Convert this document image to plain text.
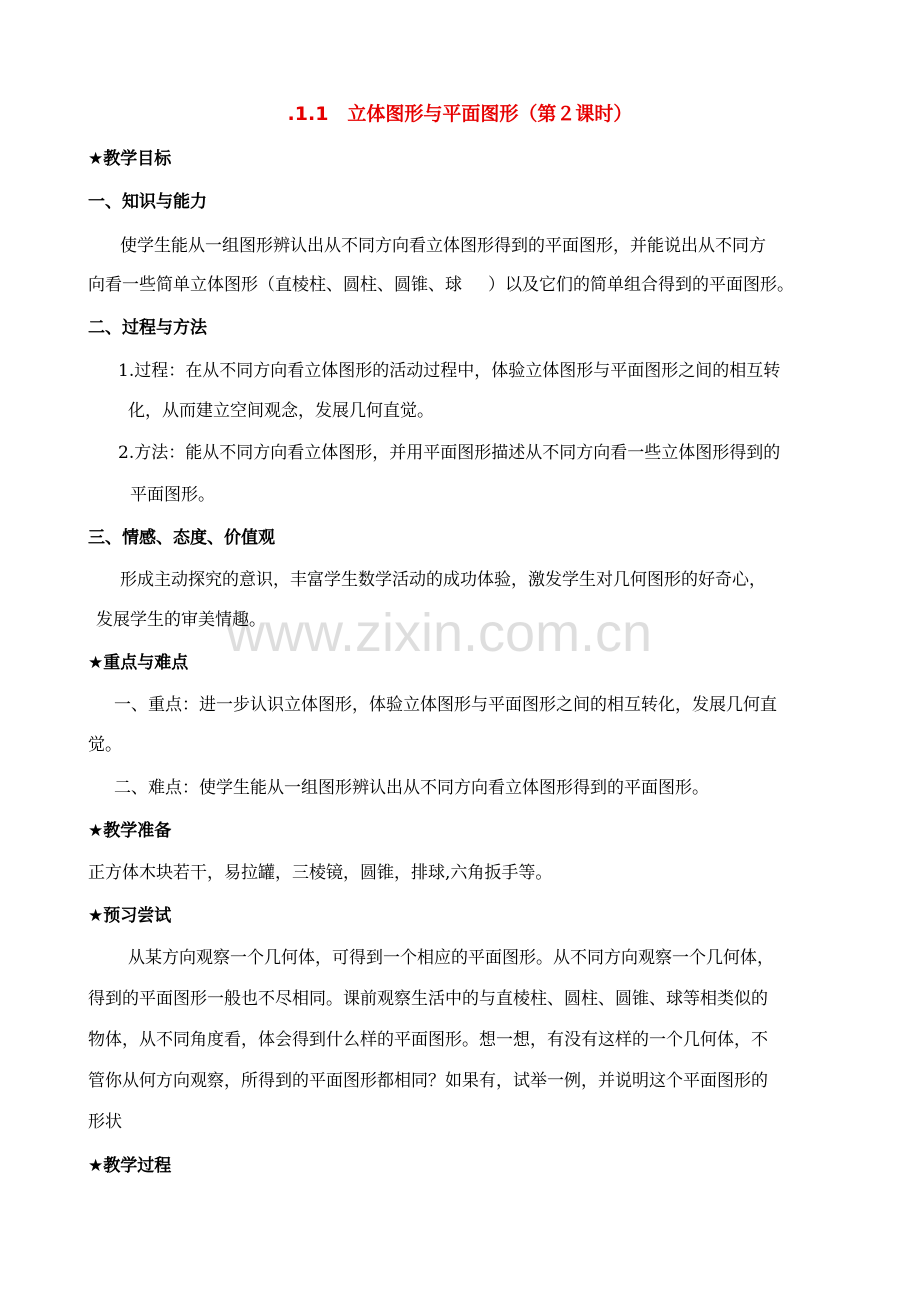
www.zixin.com.cn
.1.1　立体图形与平面图形（第２课时）
★教学目标
一、知识与能力
使学生能从一组图形辨认出从不同方向看立体图形得到的平面图形，并能说出从不同方
向看一些简单立体图形（直棱柱、圆柱、圆锥、球 ）以及它们的简单组合得到的平面图形。
二、过程与方法
1.过程：在从不同方向看立体图形的活动过程中，体验立体图形与平面图形之间的相互转
化，从而建立空间观念，发展几何直觉。
2.方法：能从不同方向看立体图形，并用平面图形描述从不同方向看一些立体图形得到的
平面图形。
三、情感、态度、价值观
形成主动探究的意识，丰富学生数学活动的成功体验，激发学生对几何图形的好奇心，
发展学生的审美情趣。
★重点与难点
一、重点：进一步认识立体图形，体验立体图形与平面图形之间的相互转化，发展几何直
觉。
二、难点：使学生能从一组图形辨认出从不同方向看立体图形得到的平面图形。
★教学准备
正方体木块若干，易拉罐，三棱镜，圆锥，排球,六角扳手等。
★预习尝试
从某方向观察一个几何体，可得到一个相应的平面图形。从不同方向观察一个几何体，
得到的平面图形一般也不尽相同。课前观察生活中的与直棱柱、圆柱、圆锥、球等相类似的
物体，从不同角度看，体会得到什么样的平面图形。想一想，有没有这样的一个几何体，不
管你从何方向观察，所得到的平面图形都相同？如果有，试举一例，并说明这个平面图形的
形状
★教学过程
